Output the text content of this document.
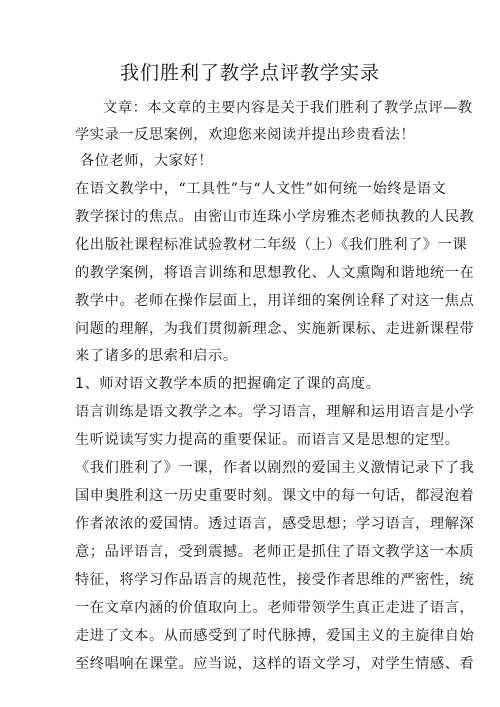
我们胜利了教学点评教学实录
文章：本文章的主要内容是关于我们胜利了教学点评—教
学实录一反思案例，欢迎您来阅读并提出珍贵看法！
各位老师，大家好！
在语文教学中，“工具性”与“人文性”如何统一始终是语文
教学探讨的焦点。由密山市连珠小学房雅杰老师执教的人民教
化出版社课程标准试验教材二年级（上）《我们胜利了》一课
的教学案例，将语言训练和思想教化、人文熏陶和谐地统一在
教学中。老师在操作层面上，用详细的案例诠释了对这一焦点
问题的理解，为我们贯彻新理念、实施新课标、走进新课程带
来了诸多的思索和启示。
1、师对语文教学本质的把握确定了课的高度。
语言训练是语文教学之本。学习语言，理解和运用语言是小学
生听说读写实力提高的重要保证。而语言又是思想的定型。
《我们胜利了》一课，作者以剧烈的爱国主义激情记录下了我
国申奥胜利这一历史重要时刻。课文中的每一句话，都浸泡着
作者浓浓的爱国情。透过语言，感受思想；学习语言，理解深
意；品评语言，受到震撼。老师正是抓住了语文教学这一本质
特征，将学习作品语言的规范性，接受作者思维的严密性，统
一在文章内涵的价值取向上。老师带领学生真正走进了语言，
走进了文本。从而感受到了时代脉搏，爱国主义的主旋律自始
至终唱响在课堂。应当说，这样的语文学习，对学生情感、看
